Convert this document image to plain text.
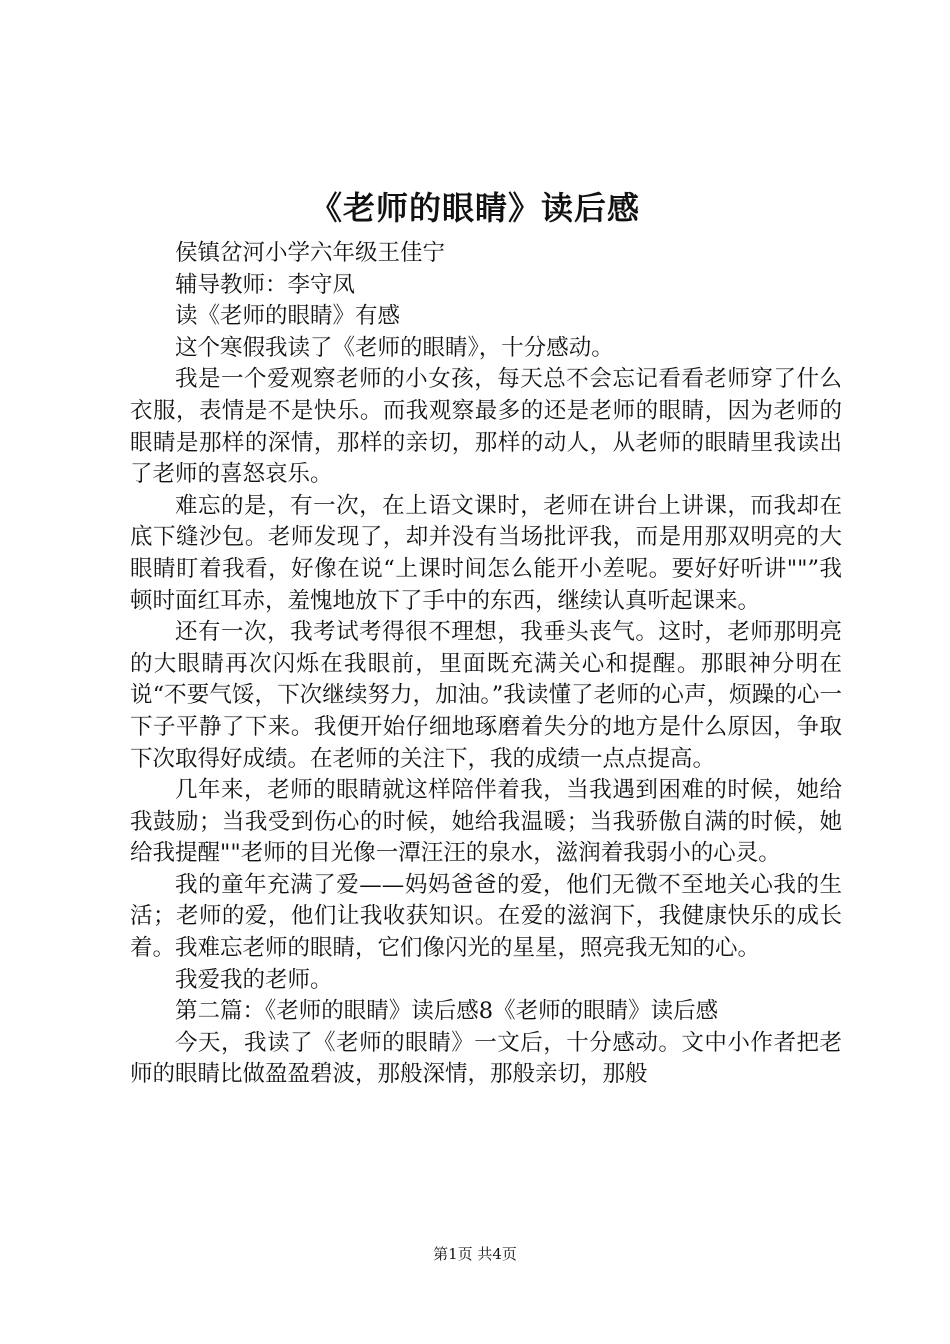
《老师的眼睛》读后感

侯镇岔河小学六年级王佳宁

辅导教师：李守凤

读《老师的眼睛》有感

这个寒假我读了《老师的眼睛》，十分感动。

我是一个爱观察老师的小女孩，每天总不会忘记看看老师穿了什么衣服，表情是不是快乐。而我观察最多的还是老师的眼睛，因为老师的眼睛是那样的深情，那样的亲切，那样的动人，从老师的眼睛里我读出了老师的喜怒哀乐。

难忘的是，有一次，在上语文课时，老师在讲台上讲课，而我却在底下缝沙包。老师发现了，却并没有当场批评我，而是用那双明亮的大眼睛盯着我看，好像在说“上课时间怎么能开小差呢。要好好听讲""”我顿时面红耳赤，羞愧地放下了手中的东西，继续认真听起课来。

还有一次，我考试考得很不理想，我垂头丧气。这时，老师那明亮的大眼睛再次闪烁在我眼前，里面既充满关心和提醒。那眼神分明在说“不要气馁，下次继续努力，加油。”我读懂了老师的心声，烦躁的心一下子平静了下来。我便开始仔细地琢磨着失分的地方是什么原因，争取下次取得好成绩。在老师的关注下，我的成绩一点点提高。

几年来，老师的眼睛就这样陪伴着我，当我遇到困难的时候，她给我鼓励；当我受到伤心的时候，她给我温暖；当我骄傲自满的时候，她给我提醒""老师的目光像一潭汪汪的泉水，滋润着我弱小的心灵。

我的童年充满了爱——妈妈爸爸的爱，他们无微不至地关心我的生活；老师的爱，他们让我收获知识。在爱的滋润下，我健康快乐的成长着。我难忘老师的眼睛，它们像闪光的星星，照亮我无知的心。

我爱我的老师。

第二篇：《老师的眼睛》读后感8《老师的眼睛》读后感

今天，我读了《老师的眼睛》一文后，十分感动。文中小作者把老师的眼睛比做盈盈碧波，那般深情，那般亲切，那般

第1页 共4页
